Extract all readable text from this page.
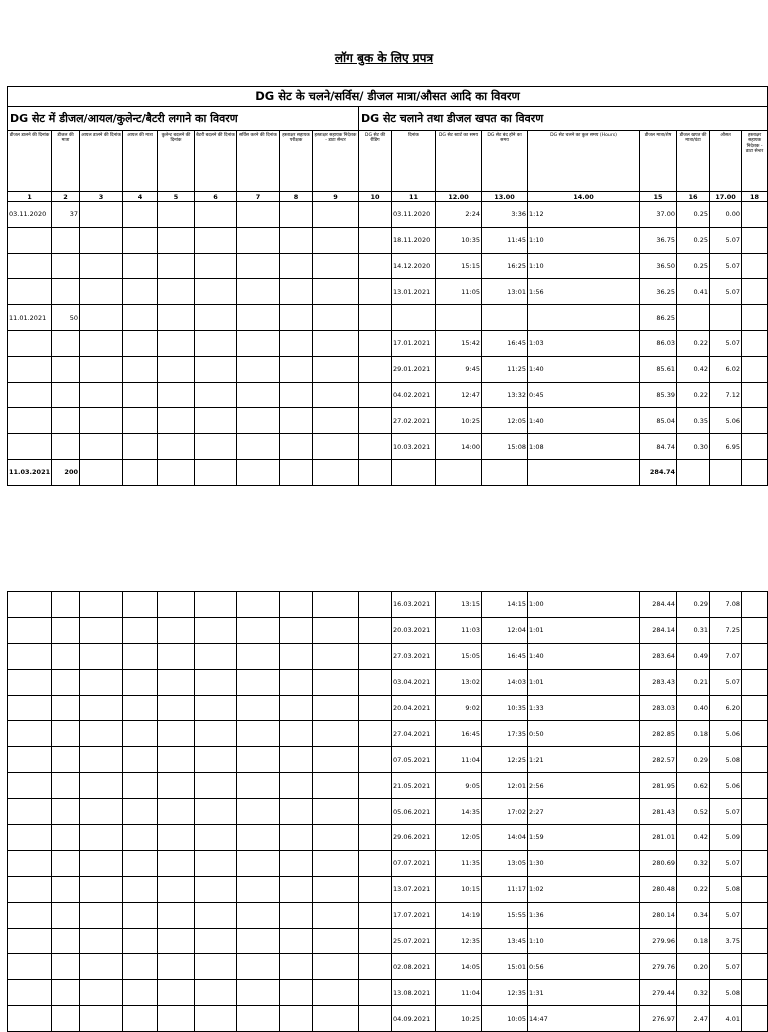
लॉग बुक के लिए प्रपत्र
DG सेट के चलने/सर्विस/ डीजल मात्रा/औसत आदि का विवरण																	
DG सेट में डीजल/आयल/कुलेन्ट/बैटरी लगाने का विवरण									DG सेट चलाने तथा डीजल खपत का विवरण								
डीजल डालने की दिनांक	डीजल की मात्रा	आयल डालने की दिनांक	आयल की मात्रा	कुलेन्ट बदलने की दिनांक	बैटरी बदलने की दिनांक	सर्विस करने की दिनांक	हस्ताक्षर सहायक परीक्षक	हस्ताक्षर सहायक निदेशक ‑ डाटा सेन्टर	DG सेट की रीडिंग	दिनांक	DG सेट स्टार्ट का समय	DG सेट बंद होने का समय	DG सेट चलने का कुल समय (Hours)	डीजल मात्रा/शेष	डीजल खपत की मात्रा/घंटा	औसत	हस्ताक्षर सहायक निदेशक ‑ डाटा सेन्टर
1	2	3	4	5	6	7	8	9	10	11	12.00	13.00	14.00	15	16	17.00	18
03.11.2020	37									03.11.2020	2:24	3:36	1:12	37.00	0.25	0.00	
										18.11.2020	10:35	11:45	1:10	36.75	0.25	5.07	
										14.12.2020	15:15	16:25	1:10	36.50	0.25	5.07	
										13.01.2021	11:05	13:01	1:56	36.25	0.41	5.07	
11.01.2021	50													86.25			
										17.01.2021	15:42	16:45	1:03	86.03	0.22	5.07	
										29.01.2021	9:45	11:25	1:40	85.61	0.42	6.02	
										04.02.2021	12:47	13:32	0:45	85.39	0.22	7.12	
										27.02.2021	10:25	12:05	1:40	85.04	0.35	5.06	
										10.03.2021	14:00	15:08	1:08	84.74	0.30	6.95	
11.03.2021	200													284.74			
										16.03.2021	13:15	14:15	1:00	284.44	0.29	7.08	
										20.03.2021	11:03	12:04	1:01	284.14	0.31	7.25	
										27.03.2021	15:05	16:45	1:40	283.64	0.49	7.07	
										03.04.2021	13:02	14:03	1:01	283.43	0.21	5.07	
										20.04.2021	9:02	10:35	1:33	283.03	0.40	6.20	
										27.04.2021	16:45	17:35	0:50	282.85	0.18	5.06	
										07.05.2021	11:04	12:25	1:21	282.57	0.29	5.08	
										21.05.2021	9:05	12:01	2:56	281.95	0.62	5.06	
										05.06.2021	14:35	17:02	2:27	281.43	0.52	5.07	
										29.06.2021	12:05	14:04	1:59	281.01	0.42	5.09	
										07.07.2021	11:35	13:05	1:30	280.69	0.32	5.07	
										13.07.2021	10:15	11:17	1:02	280.48	0.22	5.08	
										17.07.2021	14:19	15:55	1:36	280.14	0.34	5.07	
										25.07.2021	12:35	13:45	1:10	279.96	0.18	3.75	
										02.08.2021	14:05	15:01	0:56	279.76	0.20	5.07	
										13.08.2021	11:04	12:35	1:31	279.44	0.32	5.08	
										04.09.2021	10:25	10:05	14:47	276.97	2.47	4.01	
